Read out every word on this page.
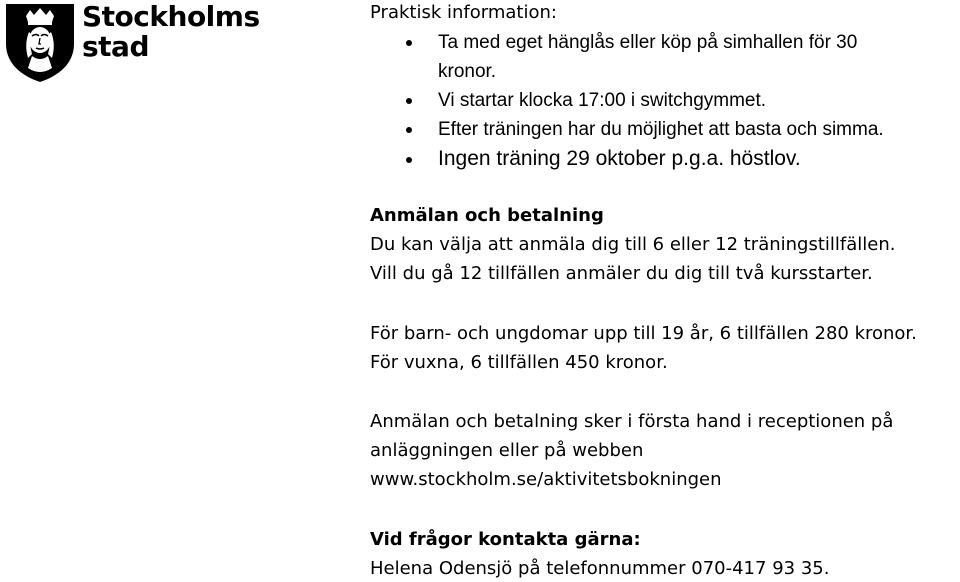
Stockholms
stad
Praktisk information:
Ta med eget hänglås eller köp på simhallen för 30
kronor.
Vi startar klocka 17:00 i switchgymmet.
Efter träningen har du möjlighet att basta och simma.
Ingen träning 29 oktober p.g.a. höstlov.
Anmälan och betalning
Du kan välja att anmäla dig till 6 eller 12 träningstillfällen.
Vill du gå 12 tillfällen anmäler du dig till två kursstarter.
För barn- och ungdomar upp till 19 år, 6 tillfällen 280 kronor.
För vuxna, 6 tillfällen 450 kronor.
Anmälan och betalning sker i första hand i receptionen på
anläggningen eller på webben
www.stockholm.se/aktivitetsbokningen
Vid frågor kontakta gärna:
Helena Odensjö på telefonnummer 070-417 93 35.
